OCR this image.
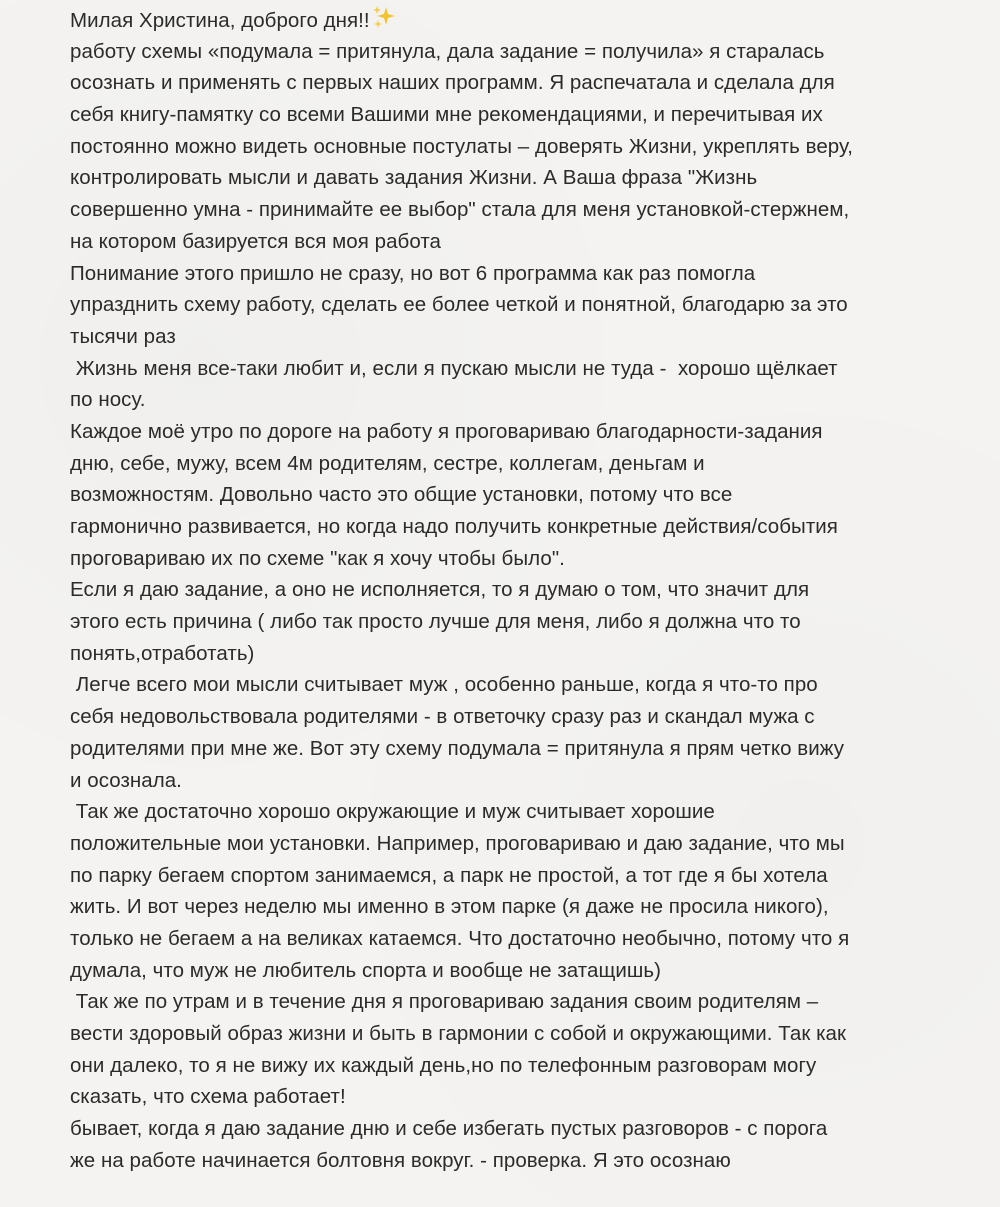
Милая Христина, доброго дня!!
работу схемы «подумала = притянула, дала задание = получила» я старалась
осознать и применять с первых наших программ. Я распечатала и сделала для
себя книгу-памятку со всеми Вашими мне рекомендациями, и перечитывая их
постоянно можно видеть основные постулаты – доверять Жизни, укреплять веру,
контролировать мысли и давать задания Жизни. А Ваша фраза "Жизнь
совершенно умна - принимайте ее выбор" стала для меня установкой-стержнем,
на котором базируется вся моя работа
Понимание этого пришло не сразу, но вот 6 программа как раз помогла
упразднить схему работу, сделать ее более четкой и понятной, благодарю за это
тысячи раз
Жизнь меня все-таки любит и, если я пускаю мысли не туда -  хорошо щёлкает
по носу.
Каждое моё утро по дороге на работу я проговариваю благодарности-задания
дню, себе, мужу, всем 4м родителям, сестре, коллегам, деньгам и
возможностям. Довольно часто это общие установки, потому что все
гармонично развивается, но когда надо получить конкретные действия/события
проговариваю их по схеме "как я хочу чтобы было".
Если я даю задание, а оно не исполняется, то я думаю о том, что значит для
этого есть причина ( либо так просто лучше для меня, либо я должна что то
понять,отработать)
Легче всего мои мысли считывает муж , особенно раньше, когда я что-то про
себя недовольствовала родителями - в ответочку сразу раз и скандал мужа с
родителями при мне же. Вот эту схему подумала = притянула я прям четко вижу
и осознала.
Так же достаточно хорошо окружающие и муж считывает хорошие
положительные мои установки. Например, проговариваю и даю задание, что мы
по парку бегаем спортом занимаемся, а парк не простой, а тот где я бы хотела
жить. И вот через неделю мы именно в этом парке (я даже не просила никого),
только не бегаем а на великах катаемся. Что достаточно необычно, потому что я
думала, что муж не любитель спорта и вообще не затащишь)
Так же по утрам и в течение дня я проговариваю задания своим родителям –
вести здоровый образ жизни и быть в гармонии с собой и окружающими. Так как
они далеко, то я не вижу их каждый день,но по телефонным разговорам могу
сказать, что схема работает!
бывает, когда я даю задание дню и себе избегать пустых разговоров - с порога
же на работе начинается болтовня вокруг. - проверка. Я это осознаю
